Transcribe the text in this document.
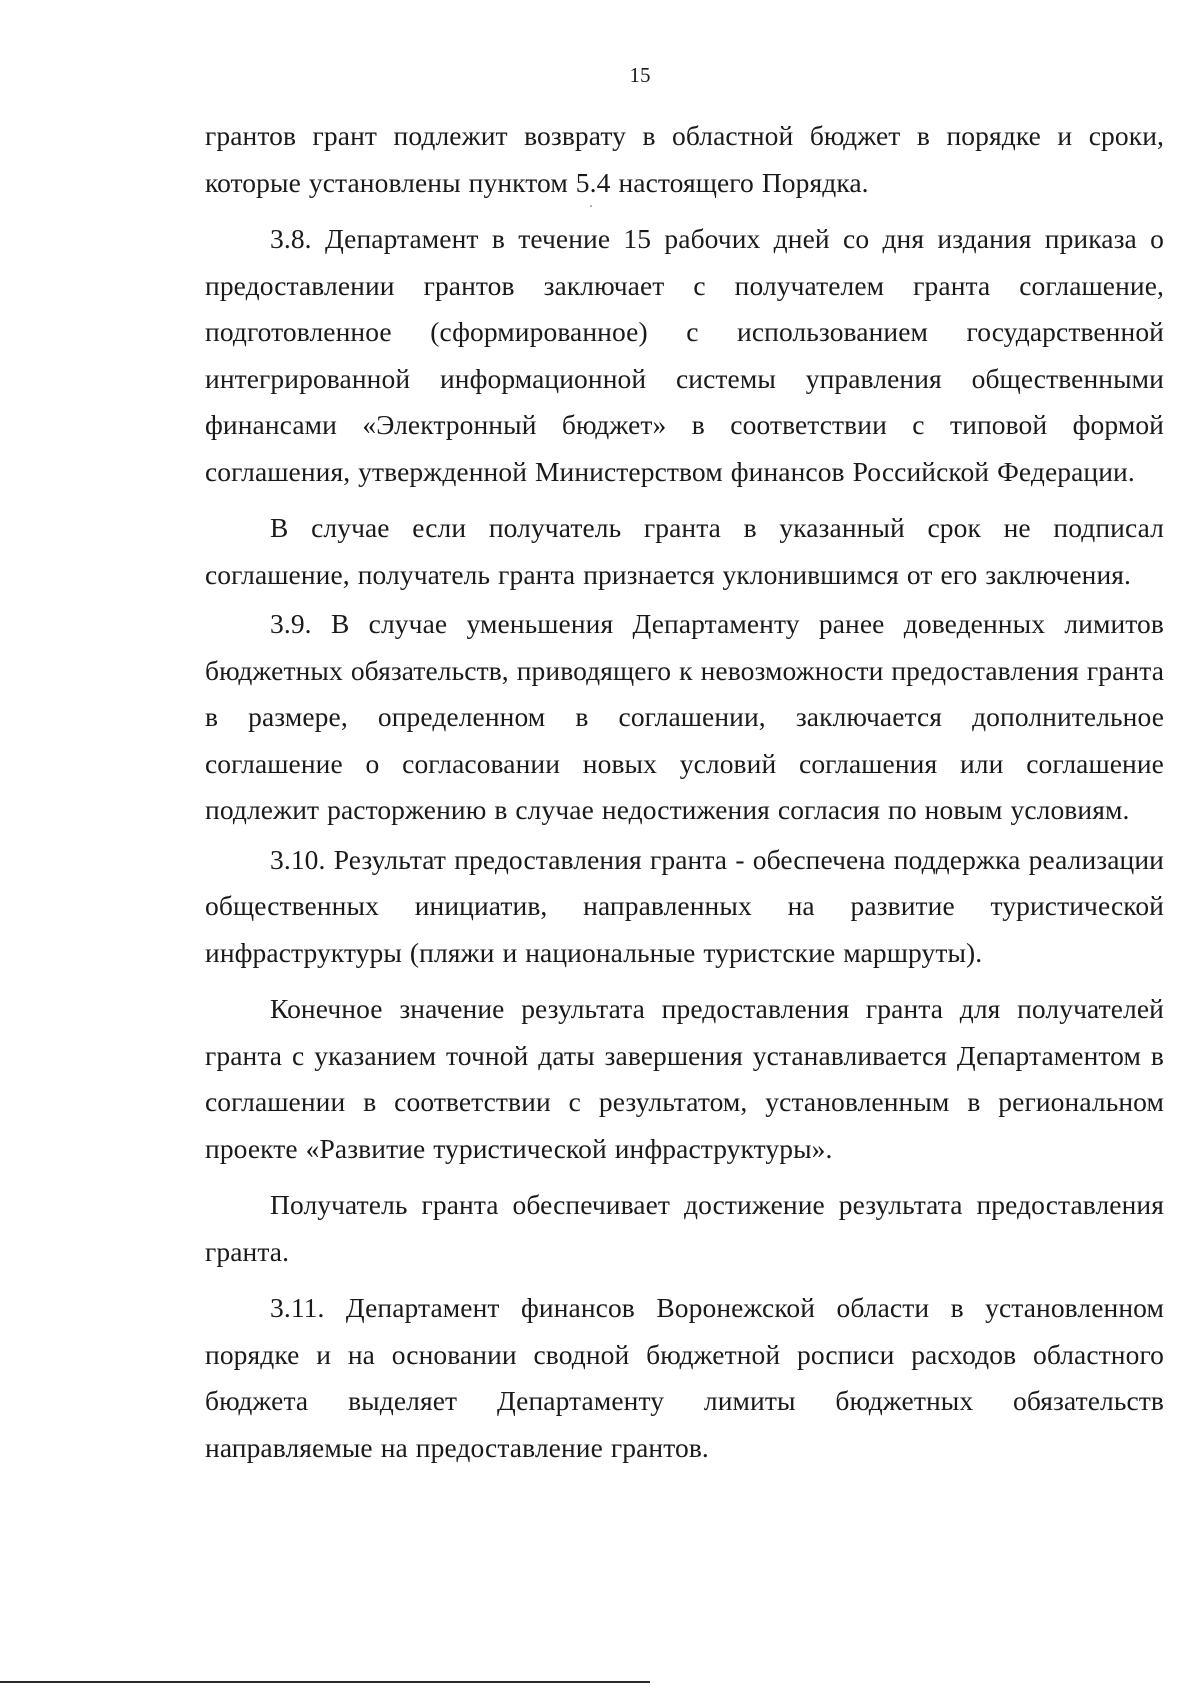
15

грантов грант подлежит возврату в областной бюджет в порядке и сроки, которые установлены пунктом 5.4 настоящего Порядка.

3.8. Департамент в течение 15 рабочих дней со дня издания приказа о предоставлении грантов заключает с получателем гранта соглашение, подготовленное (сформированное) с использованием государственной интегрированной информационной системы управления общественными финансами «Электронный бюджет» в соответствии с типовой формой соглашения, утвержденной Министерством финансов Российской Федерации.

В случае если получатель гранта в указанный срок не подписал соглашение, получатель гранта признается уклонившимся от его заключения.

3.9. В случае уменьшения Департаменту ранее доведенных лимитов бюджетных обязательств, приводящего к невозможности предоставления гранта в размере, определенном в соглашении, заключается дополнительное соглашение о согласовании новых условий соглашения или соглашение подлежит расторжению в случае недостижения согласия по новым условиям.

3.10. Результат предоставления гранта - обеспечена поддержка реализации общественных инициатив, направленных на развитие туристической инфраструктуры (пляжи и национальные туристские маршруты).

Конечное значение результата предоставления гранта для получателей гранта с указанием точной даты завершения устанавливается Департаментом в соглашении в соответствии с результатом, установленным в региональном проекте «Развитие туристической инфраструктуры».

Получатель гранта обеспечивает достижение результата предоставления гранта.

3.11. Департамент финансов Воронежской области в установленном порядке и на основании сводной бюджетной росписи расходов областного бюджета выделяет Департаменту лимиты бюджетных обязательств направляемые на предоставление грантов.
